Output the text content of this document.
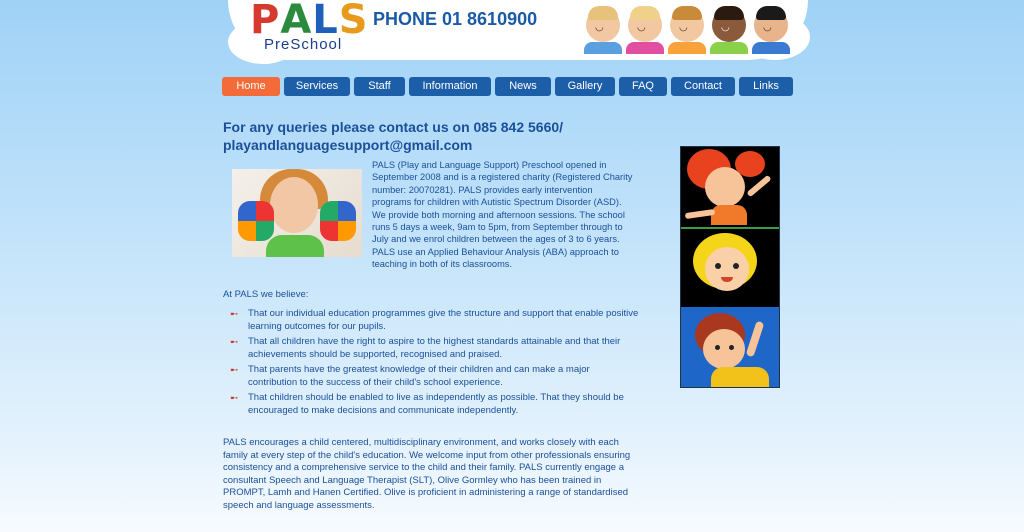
PALS
PreSchool
PHONE 01 8610900	◡	◡	◡	◡	◡
Home	Services	Staff	Information	News	Gallery	FAQ	Contact	Links
For any queries please contact us on 085 842 5660/
playandlanguagesupport@gmail.com
PALS (Play and Language Support) Preschool opened in September 2008 and is a registered charity (Registered Charity number: 20070281). PALS provides early intervention programs for children with Autistic Spectrum Disorder (ASD). We provide both morning and afternoon sessions. The school runs 5 days a week, 9am to 5pm, from September through to July and we enrol children between the ages of 3 to 6 years. PALS use an Applied Behaviour Analysis (ABA) approach to teaching in both of its classrooms.
At PALS we believe:
➸ That our individual education programmes give the structure and support that enable positive learning outcomes for our pupils.
➸ That all children have the right to aspire to the highest standards attainable and that their achievements should be supported, recognised and praised.
➸ That parents have the greatest knowledge of their children and can make a major contribution to the success of their child's school experience.
➸ That children should be enabled to live as independently as possible. That they should be encouraged to make decisions and communicate independently.
PALS encourages a child centered, multidisciplinary environment, and works closely with each family at every step of the child's education. We welcome input from other professionals ensuring consistency and a comprehensive service to the child and their family. PALS currently engage a consultant Speech and Language Therapist (SLT), Olive Gormley who has been trained in PROMPT, Lamh and Hanen Certified. Olive is proficient in administering a range of standardised speech and language assessments.
